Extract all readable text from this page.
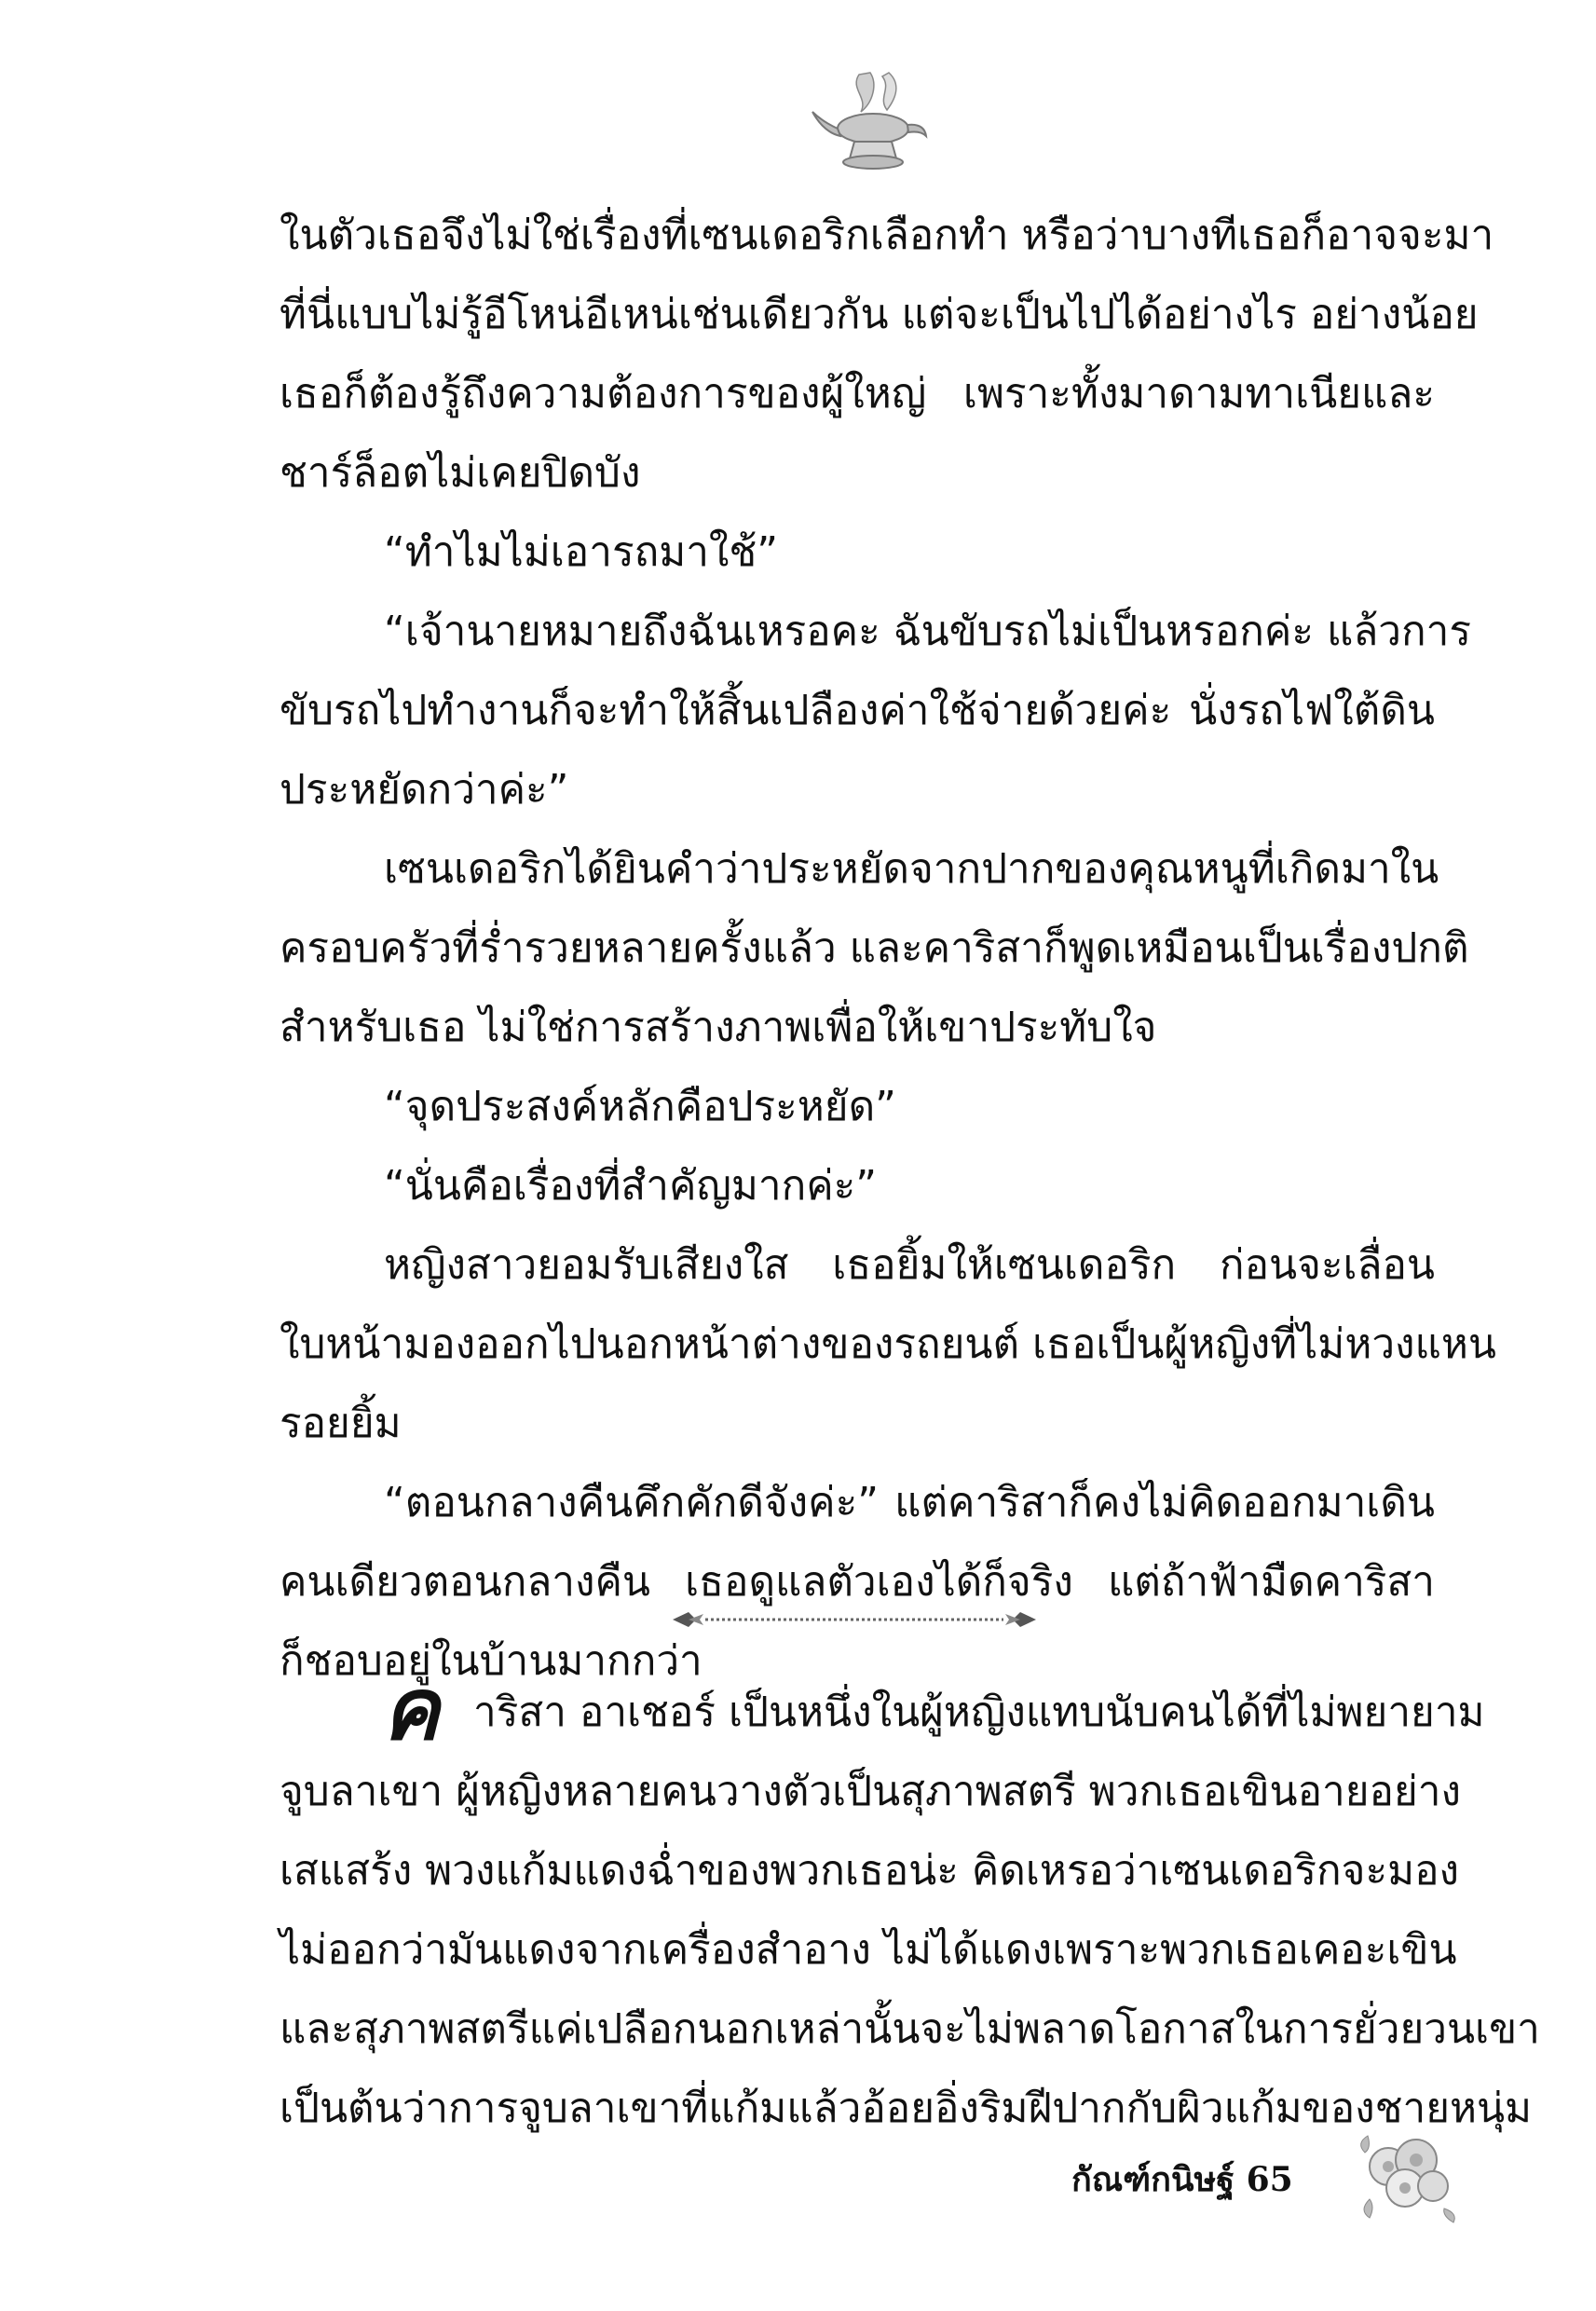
ในตัวเธอจึงไม่ใช่เรื่องที่เซนเดอริกเลือกทำ หรือว่าบางทีเธอก็อาจจะมา
ที่นี่แบบไม่รู้อีโหน่อีเหน่เช่นเดียวกัน แต่จะเป็นไปได้อย่างไร อย่างน้อย
เธอก็ต้องรู้ถึงความต้องการของผู้ใหญ่ เพราะทั้งมาดามทาเนียและ
ชาร์ล็อตไม่เคยปิดบัง
“ทำไมไม่เอารถมาใช้”
“เจ้านายหมายถึงฉันเหรอคะ ฉันขับรถไม่เป็นหรอกค่ะ แล้วการ
ขับรถไปทำงานก็จะทำให้สิ้นเปลืองค่าใช้จ่ายด้วยค่ะ นั่งรถไฟใต้ดิน
ประหยัดกว่าค่ะ”
เซนเดอริกได้ยินคำว่าประหยัดจากปากของคุณหนูที่เกิดมาใน
ครอบครัวที่ร่ำรวยหลายครั้งแล้ว และคาริสาก็พูดเหมือนเป็นเรื่องปกติ
สำหรับเธอ ไม่ใช่การสร้างภาพเพื่อให้เขาประทับใจ
“จุดประสงค์หลักคือประหยัด”
“นั่นคือเรื่องที่สำคัญมากค่ะ”
หญิงสาวยอมรับเสียงใส เธอยิ้มให้เซนเดอริก ก่อนจะเลื่อน
ใบหน้ามองออกไปนอกหน้าต่างของรถยนต์ เธอเป็นผู้หญิงที่ไม่หวงแหน
รอยยิ้ม
“ตอนกลางคืนคึกคักดีจังค่ะ” แต่คาริสาก็คงไม่คิดออกมาเดิน
คนเดียวตอนกลางคืน เธอดูแลตัวเองได้ก็จริง แต่ถ้าฟ้ามืดคาริสา
ก็ชอบอยู่ในบ้านมากกว่า
ค าริสา อาเชอร์ เป็นหนึ่งในผู้หญิงแทบนับคนได้ที่ไม่พยายาม
จูบลาเขา ผู้หญิงหลายคนวางตัวเป็นสุภาพสตรี พวกเธอเขินอายอย่าง
เสแสร้ง พวงแก้มแดงฉ่ำของพวกเธอน่ะ คิดเหรอว่าเซนเดอริกจะมอง
ไม่ออกว่ามันแดงจากเครื่องสำอาง ไม่ได้แดงเพราะพวกเธอเคอะเขิน
และสุภาพสตรีแค่เปลือกนอกเหล่านั้นจะไม่พลาดโอกาสในการยั่วยวนเขา
เป็นต้นว่าการจูบลาเขาที่แก้มแล้วอ้อยอิ่งริมฝีปากกับผิวแก้มของชายหนุ่ม
กัณฑ์กนิษฐ์ 65
